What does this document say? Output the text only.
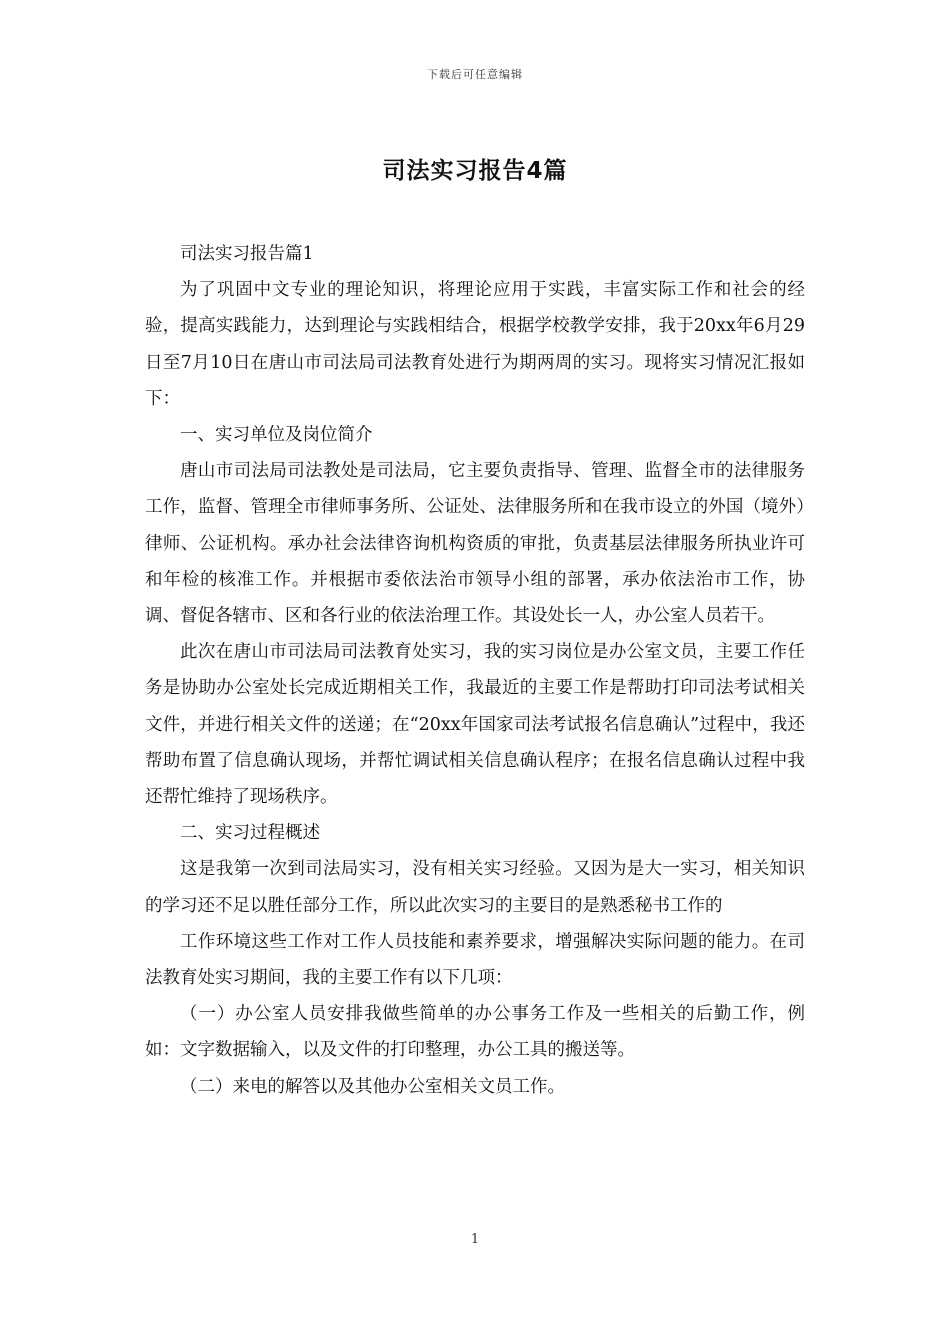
下载后可任意编辑
司法实习报告4篇

司法实习报告篇1

为了巩固中文专业的理论知识，将理论应用于实践，丰富实际工作和社会的经验，提高实践能力，达到理论与实践相结合，根据学校教学安排，我于20xx年6月29日至7月10日在唐山市司法局司法教育处进行为期两周的实习。现将实习情况汇报如下：

一、实习单位及岗位简介

唐山市司法局司法教处是司法局，它主要负责指导、管理、监督全市的法律服务工作，监督、管理全市律师事务所、公证处、法律服务所和在我市设立的外国（境外）律师、公证机构。承办社会法律咨询机构资质的审批，负责基层法律服务所执业许可和年检的核准工作。并根据市委依法治市领导小组的部署，承办依法治市工作，协调、督促各辖市、区和各行业的依法治理工作。其设处长一人，办公室人员若干。

此次在唐山市司法局司法教育处实习，我的实习岗位是办公室文员，主要工作任务是协助办公室处长完成近期相关工作，我最近的主要工作是帮助打印司法考试相关文件，并进行相关文件的送递；在“20xx年国家司法考试报名信息确认”过程中，我还帮助布置了信息确认现场，并帮忙调试相关信息确认程序；在报名信息确认过程中我还帮忙维持了现场秩序。

二、实习过程概述

这是我第一次到司法局实习，没有相关实习经验。又因为是大一实习，相关知识的学习还不足以胜任部分工作，所以此次实习的主要目的是熟悉秘书工作的

工作环境这些工作对工作人员技能和素养要求，增强解决实际问题的能力。在司法教育处实习期间，我的主要工作有以下几项：

（一）办公室人员安排我做些简单的办公事务工作及一些相关的后勤工作，例如：文字数据输入，以及文件的打印整理，办公工具的搬送等。

（二）来电的解答以及其他办公室相关文员工作。

1
